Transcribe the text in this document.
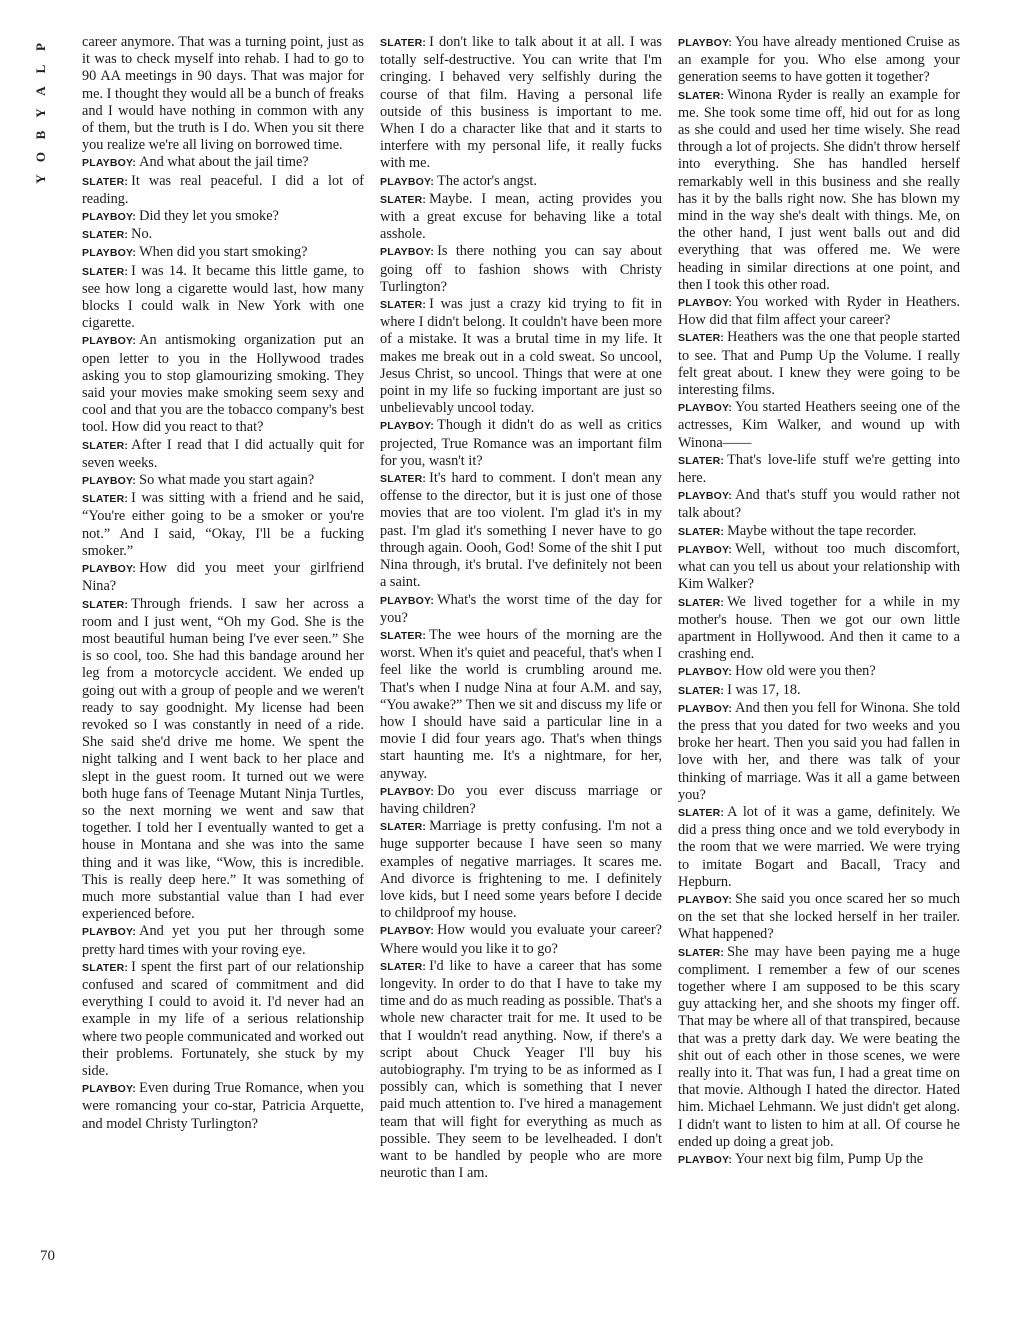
P
L
A
Y
B
O
Y

career anymore. That was a turning point, just as it was to check myself into rehab. I had to go to 90 AA meetings in 90 days. That was major for me. I thought they would all be a bunch of freaks and I would have nothing in common with any of them, but the truth is I do. When you sit there you realize we're all living on borrowed time.

PLAYBOY: And what about the jail time?

SLATER: It was real peaceful. I did a lot of reading.

PLAYBOY: Did they let you smoke?

SLATER: No.

PLAYBOY: When did you start smoking?

SLATER: I was 14. It became this little game, to see how long a cigarette would last, how many blocks I could walk in New York with one cigarette.

PLAYBOY: An antismoking organization put an open letter to you in the Hollywood trades asking you to stop glamourizing smoking. They said your movies make smoking seem sexy and cool and that you are the tobacco company's best tool. How did you react to that?

SLATER: After I read that I did actually quit for seven weeks.

PLAYBOY: So what made you start again?

SLATER: I was sitting with a friend and he said, “You're either going to be a smoker or you're not.” And I said, “Okay, I'll be a fucking smoker.”

PLAYBOY: How did you meet your girlfriend Nina?

SLATER: Through friends. I saw her across a room and I just went, “Oh my God. She is the most beautiful human being I've ever seen.” She is so cool, too. She had this bandage around her leg from a motorcycle accident. We ended up going out with a group of people and we weren't ready to say goodnight. My license had been revoked so I was constantly in need of a ride. She said she'd drive me home. We spent the night talking and I went back to her place and slept in the guest room. It turned out we were both huge fans of Teenage Mutant Ninja Turtles, so the next morning we went and saw that together. I told her I eventually wanted to get a house in Montana and she was into the same thing and it was like, “Wow, this is incredible. This is really deep here.” It was something of much more substantial value than I had ever experienced before.

PLAYBOY: And yet you put her through some pretty hard times with your roving eye.

SLATER: I spent the first part of our relationship confused and scared of commitment and did everything I could to avoid it. I'd never had an example in my life of a serious relationship where two people communicated and worked out their problems. Fortunately, she stuck by my side.

PLAYBOY: Even during True Romance, when you were romancing your co-star, Patricia Arquette, and model Christy Turlington?

SLATER: I don't like to talk about it at all. I was totally self-destructive. You can write that I'm cringing. I behaved very selfishly during the course of that film. Having a personal life outside of this business is important to me. When I do a character like that and it starts to interfere with my personal life, it really fucks with me.

PLAYBOY: The actor's angst.

SLATER: Maybe. I mean, acting provides you with a great excuse for behaving like a total asshole.

PLAYBOY: Is there nothing you can say about going off to fashion shows with Christy Turlington?

SLATER: I was just a crazy kid trying to fit in where I didn't belong. It couldn't have been more of a mistake. It was a brutal time in my life. It makes me break out in a cold sweat. So uncool, Jesus Christ, so uncool. Things that were at one point in my life so fucking important are just so unbelievably uncool today.

PLAYBOY: Though it didn't do as well as critics projected, True Romance was an important film for you, wasn't it?

SLATER: It's hard to comment. I don't mean any offense to the director, but it is just one of those movies that are too violent. I'm glad it's in my past. I'm glad it's something I never have to go through again. Oooh, God! Some of the shit I put Nina through, it's brutal. I've definitely not been a saint.

PLAYBOY: What's the worst time of the day for you?

SLATER: The wee hours of the morning are the worst. When it's quiet and peaceful, that's when I feel like the world is crumbling around me. That's when I nudge Nina at four A.M. and say, “You awake?” Then we sit and discuss my life or how I should have said a particular line in a movie I did four years ago. That's when things start haunting me. It's a nightmare, for her, anyway.

PLAYBOY: Do you ever discuss marriage or having children?

SLATER: Marriage is pretty confusing. I'm not a huge supporter because I have seen so many examples of negative marriages. It scares me. And divorce is frightening to me. I definitely love kids, but I need some years before I decide to childproof my house.

PLAYBOY: How would you evaluate your career? Where would you like it to go?

SLATER: I'd like to have a career that has some longevity. In order to do that I have to take my time and do as much reading as possible. That's a whole new character trait for me. It used to be that I wouldn't read anything. Now, if there's a script about Chuck Yeager I'll buy his autobiography. I'm trying to be as informed as I possibly can, which is something that I never paid much attention to. I've hired a management team that will fight for everything as much as possible. They seem to be levelheaded. I don't want to be handled by people who are more neurotic than I am.

PLAYBOY: You have already mentioned Cruise as an example for you. Who else among your generation seems to have gotten it together?

SLATER: Winona Ryder is really an example for me. She took some time off, hid out for as long as she could and used her time wisely. She read through a lot of projects. She didn't throw herself into everything. She has handled herself remarkably well in this business and she really has it by the balls right now. She has blown my mind in the way she's dealt with things. Me, on the other hand, I just went balls out and did everything that was offered me. We were heading in similar directions at one point, and then I took this other road.

PLAYBOY: You worked with Ryder in Heathers. How did that film affect your career?

SLATER: Heathers was the one that people started to see. That and Pump Up the Volume. I really felt great about. I knew they were going to be interesting films.

PLAYBOY: You started Heathers seeing one of the actresses, Kim Walker, and wound up with Winona——

SLATER: That's love-life stuff we're getting into here.

PLAYBOY: And that's stuff you would rather not talk about?

SLATER: Maybe without the tape recorder.

PLAYBOY: Well, without too much discomfort, what can you tell us about your relationship with Kim Walker?

SLATER: We lived together for a while in my mother's house. Then we got our own little apartment in Hollywood. And then it came to a crashing end.

PLAYBOY: How old were you then?

SLATER: I was 17, 18.

PLAYBOY: And then you fell for Winona. She told the press that you dated for two weeks and you broke her heart. Then you said you had fallen in love with her, and there was talk of your thinking of marriage. Was it all a game between you?

SLATER: A lot of it was a game, definitely. We did a press thing once and we told everybody in the room that we were married. We were trying to imitate Bogart and Bacall, Tracy and Hepburn.

PLAYBOY: She said you once scared her so much on the set that she locked herself in her trailer. What happened?

SLATER: She may have been paying me a huge compliment. I remember a few of our scenes together where I am supposed to be this scary guy attacking her, and she shoots my finger off. That may be where all of that transpired, because that was a pretty dark day. We were beating the shit out of each other in those scenes, we were really into it. That was fun, I had a great time on that movie. Although I hated the director. Hated him. Michael Lehmann. We just didn't get along. I didn't want to listen to him at all. Of course he ended up doing a great job.

PLAYBOY: Your next big film, Pump Up the

70
